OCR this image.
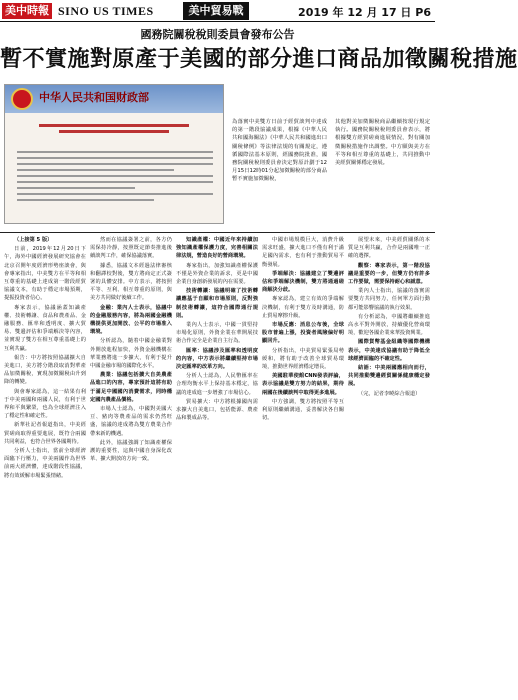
美中時報 SINO US TIMES	美中貿易戰	2019 年 12 月 17 日 P6
國務院關稅稅則委員會發布公告
暫不實施對原產于美國的部分進口商品加徵關稅措施
中华人民共和国财政部

為落實中美雙方日前于經貿談判中達成的第一階段協議成果，根據《中華人民共和國海關法》《中華人民共和國進出口關稅條例》等法律法規的有關規定，遵循國際法基本原則，經國務院批准，國務院關稅稅則委員會決定對原計劃于12月15日12時01分起加徵關稅的部分商品暫不實施加徵關稅，

其他對美加徵關稅商品繼續按現行規定執行。國務院關稅稅則委員會表示，將根據雙方經貿磋商進展情況，對有關加徵關稅措施作出調整。中方願與美方在平等和相互尊重的基礎上，共同推動中美經貿關係穩定發展。

（上接第 5 版）

日前，2019年12月20日下午，海外中國經濟發展研究協會在北京召開年度經濟形勢座談會，與會專家指出，中美雙方在平等和相互尊重的基礎上達成第一階段經貿協議文本，有助于穩定市場預期，提振投資者信心。

專家表示，協議涵蓋知識產權、技術轉讓、食品和農產品、金融服務、匯率和透明度、擴大貿易、雙邊評估和爭端解決等內容，並實現了雙方在相互尊重基礎上的互利共贏。

報告：中方將按照協議擴大自美進口，美方將分階段取消對華產品加徵關稅，實現加徵關稅由升到降的轉變。

與會專家認為，這一結果有利于中美兩國和兩國人民，有利于世界和平與繁榮，也為全球經濟注入了穩定性和確定性。

新華社記者報道指出，中美經貿磋商取得重要進展，既符合兩國共同利益，也符合世界各國期待。

分析人士指出，當前全球經濟面臨下行壓力，中美兩國作為世界前兩大經濟體，達成階段性協議，將有效緩解市場緊張情緒。

然而在協議簽署之前，各方仍需保持冷靜，按照既定節奏推進後續談判工作，確保協議落實。

據悉，協議文本經過法律審核和翻譯校對後，雙方將商定正式簽署的具體安排。中方表示，將按照平等、互利、相互尊重的原則，與美方共同做好後續工作。

金融：業內人士表示，協議中的金融服務內容，將為兩國金融機構提供更加開放、公平的市場准入環境。

分析認為，隨着中國金融業對外開放進程加快，外資金融機構在華業務將進一步擴大，有利于提升中國金融市場的國際化水平。

農業：協議包括擴大自美農產品進口的內容，專家預計這將有助于滿足中國國內消費需求，同時穩定國內農產品價格。

市場人士認為，中國對美國大豆、豬肉等農產品的需求仍然旺盛，協議的達成將為雙方農業合作帶來新的機遇。

此外，協議強調了知識產權保護的重要性，這與中國自身深化改革、擴大開放的方向一致。

知識產權：中國近年來持續加強知識產權保護力度，完善相關法律法規，營造良好的營商環境。

專家指出，加強知識產權保護不僅是外資企業的訴求，更是中國企業自身創新發展的內在需要。

技術轉讓：協議明確了技術轉讓應基于自願和市場原則，反對強制技術轉讓，這符合國際通行規則。

業內人士表示，中國一貫堅持市場化原則，外資企業在華開展技術合作完全是企業自主行為。

匯率：協議涉及匯率和透明度的內容，中方表示將繼續堅持市場決定匯率的改革方向。

分析人士認為，人民幣匯率在合理均衡水平上保持基本穩定，協議的達成進一步增強了市場信心。

貿易擴大：中方將根據國內需求擴大自美進口，包括能源、農產品和製成品等。

中國市場規模巨大，消費升級需求旺盛，擴大進口不僅有利于滿足國內需求，也有利于推動貿易平衡發展。

爭端解決：協議建立了雙邊評估和爭端解決機制，雙方將通過磋商解決分歧。

專家認為，建立有效的爭端解決機制，有利于雙方及時溝通，防止貿易摩擦升級。

市場反應：消息公布後，全球股市普遍上漲，投資者風險偏好明顯回升。

分析指出，中美貿易緊張局勢緩和，將有助于改善全球貿易環境，推動世界經濟穩定增長。

美國駐華使館CNN發表評論，表示協議是雙方努力的結果，期待兩國在後續談判中取得更多進展。

中方強調，雙方將按照平等互利原則繼續溝通，妥善解決各自關切。

展望未來，中美經貿關係的本質是互利共贏，合作是兩國唯一正確的選擇。

觀察：專家表示，第一階段協議是重要的一步，但雙方仍有許多工作要做，需要保持耐心和誠意。

業內人士指出，協議的落實需要雙方共同努力，任何單方面行動都可能影響協議的執行效果。

有分析認為，中國將繼續推進高水平對外開放，持續優化營商環境，歡迎各國企業來華投資興業。

國際貨幣基金組織等國際機構表示，中美達成協議有助于降低全球經濟面臨的不確定性。

結語：中美兩國應相向而行，共同推動雙邊經貿關係健康穩定發展。

（完，記者李曉綜合報道）
